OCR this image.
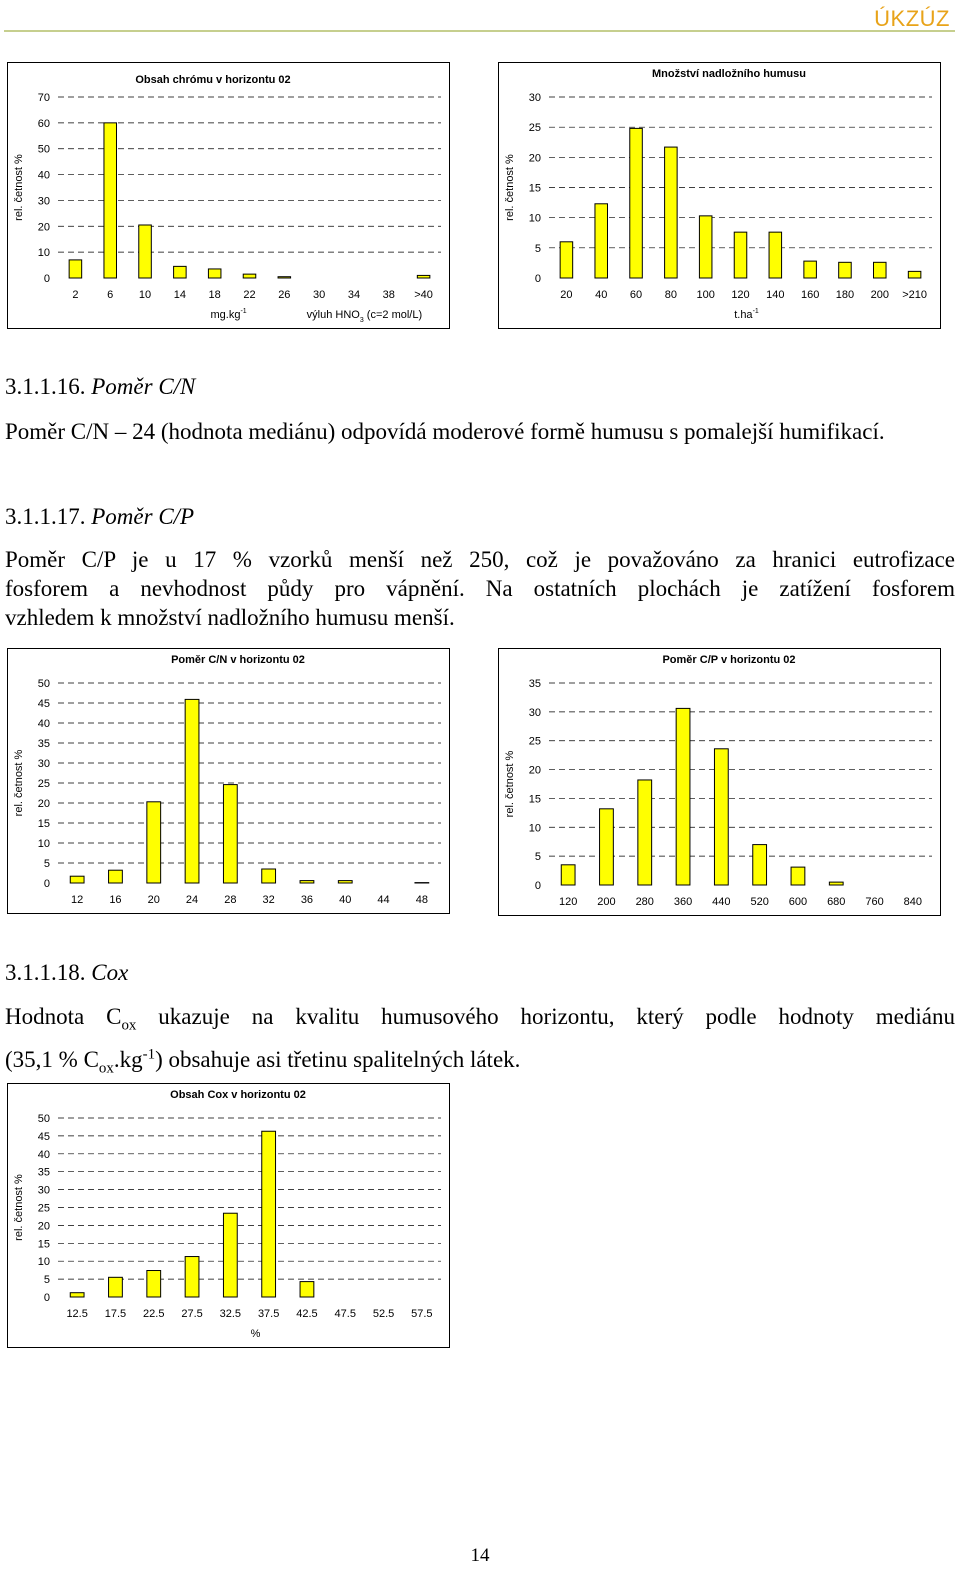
ÚKZÚZ
Obsah chrómu v horizontu 02
0
10
20
30
40
50
60
70
rel. četnost %
2	6 10 14 18 22 26 30 34 38 >40
$mg.kg^{-1}$	výluh $HNO_3$ (c=2 mol/L)
Množství nadložního humusu
0
5
10
15
20
25
30
rel. četnost %
20 40 60 80 100 120 140 160 180 200 >210
$t.ha^{-1}$
3.1.1.16. Poměr C/N
Poměr C/N – 24 (hodnota mediánu) odpovídá moderové formě humusu s pomalejší humifikací.
3.1.1.17. Poměr C/P
Poměr C/P je u 17 % vzorků menší než 250, což je považováno za hranici eutrofizace
fosforem a nevhodnost půdy pro vápnění. Na ostatních plochách je zatížení fosforem
vzhledem k množství nadložního humusu menší.
Poměr C/N v horizontu 02
0
5
10
15
20
25
30
35
40
45
50
rel. četnost %
12 16 20 24 28 32 36 40 44 48
Poměr C/P v horizontu 02
0
5
10
15
20
25
30
35
rel. četnost %
120 200 280 360 440 520 600 680 760 840
3.1.1.18. Cox
Hodnota $C_{ox}$ ukazuje na kvalitu humusového horizontu, který podle hodnoty mediánu
(35,1 % $C_{ox}.kg^{-1}$) obsahuje asi třetinu spalitelných látek.
Obsah Cox v horizontu 02
0
5
10
15
20
25
30
35
40
45
50
rel. četnost %
12.5 17.5 22.5 27.5 32.5 37.5 42.5 47.5 52.5 57.5
%
14
